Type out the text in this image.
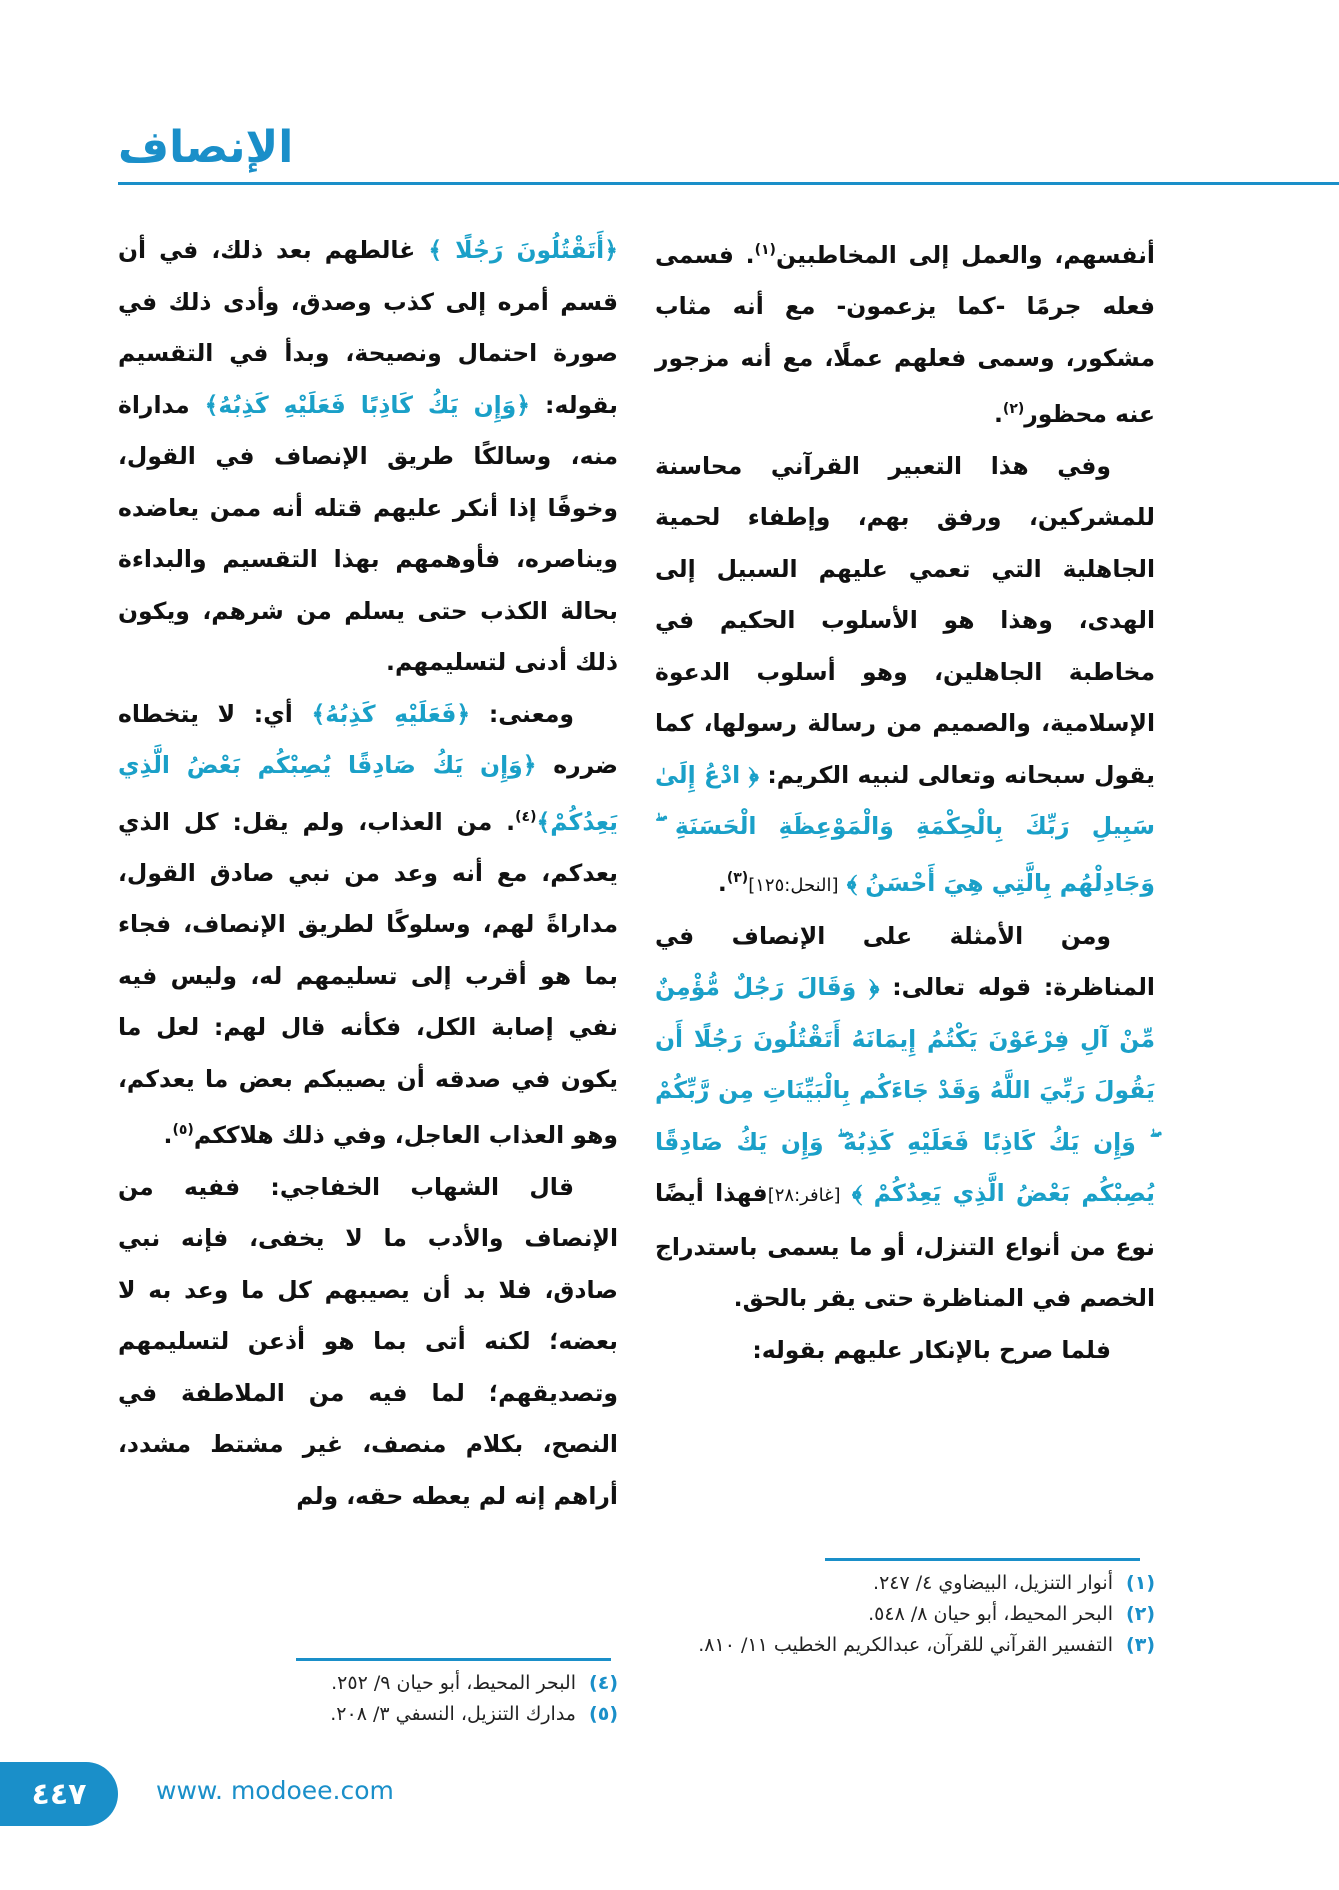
الإنصاف

أنفسهم، والعمل إلى المخاطبين$^{(١)}$. فسمى فعله جرمًا -كما يزعمون- مع أنه مثاب مشكور، وسمى فعلهم عملًا، مع أنه مزجور عنه محظور$^{(٢)}$.

وفي هذا التعبير القرآني محاسنة للمشركين، ورفق بهم، وإطفاء لحمية الجاهلية التي تعمي عليهم السبيل إلى الهدى، وهذا هو الأسلوب الحكيم في مخاطبة الجاهلين، وهو أسلوب الدعوة الإسلامية، والصميم من رسالة رسولها، كما يقول سبحانه وتعالى لنبيه الكريم: ﴿ ادْعُ إِلَىٰ سَبِيلِ رَبِّكَ بِالْحِكْمَةِ وَالْمَوْعِظَةِ الْحَسَنَةِ ۖ وَجَادِلْهُم بِالَّتِي هِيَ أَحْسَنُ ﴾ [النحل:١٢٥]$^{(٣)}$.

ومن الأمثلة على الإنصاف في المناظرة: قوله تعالى: ﴿ وَقَالَ رَجُلٌ مُّؤْمِنٌ مِّنْ آلِ فِرْعَوْنَ يَكْتُمُ إِيمَانَهُ أَتَقْتُلُونَ رَجُلًا أَن يَقُولَ رَبِّيَ اللَّهُ وَقَدْ جَاءَكُم بِالْبَيِّنَاتِ مِن رَّبِّكُمْ ۖ وَإِن يَكُ كَاذِبًا فَعَلَيْهِ كَذِبُهُ ۖ وَإِن يَكُ صَادِقًا يُصِبْكُم بَعْضُ الَّذِي يَعِدُكُمْ ﴾ [غافر:٢٨]فهذا أيضًا نوع من أنواع التنزل، أو ما يسمى باستدراج الخصم في المناظرة حتى يقر بالحق.

فلما صرح بالإنكار عليهم بقوله:

﴿أَتَقْتُلُونَ رَجُلًا ﴾ غالطهم بعد ذلك، في أن قسم أمره إلى كذب وصدق، وأدى ذلك في صورة احتمال ونصيحة، وبدأ في التقسيم بقوله: ﴿وَإِن يَكُ كَاذِبًا فَعَلَيْهِ كَذِبُهُ﴾ مداراة منه، وسالكًا طريق الإنصاف في القول، وخوفًا إذا أنكر عليهم قتله أنه ممن يعاضده ويناصره، فأوهمهم بهذا التقسيم والبداءة بحالة الكذب حتى يسلم من شرهم، ويكون ذلك أدنى لتسليمهم.

ومعنى: ﴿فَعَلَيْهِ كَذِبُهُ﴾ أي: لا يتخطاه ضرره ﴿وَإِن يَكُ صَادِقًا يُصِبْكُم بَعْضُ الَّذِي يَعِدُكُمْ﴾$^{(٤)}$. من العذاب، ولم يقل: كل الذي يعدكم، مع أنه وعد من نبي صادق القول، مداراةً لهم، وسلوكًا لطريق الإنصاف، فجاء بما هو أقرب إلى تسليمهم له، وليس فيه نفي إصابة الكل، فكأنه قال لهم: لعل ما يكون في صدقه أن يصيبكم بعض ما يعدكم، وهو العذاب العاجل، وفي ذلك هلاككم$^{(٥)}$.

قال الشهاب الخفاجي: ففيه من الإنصاف والأدب ما لا يخفى، فإنه نبي صادق، فلا بد أن يصيبهم كل ما وعد به لا بعضه؛ لكنه أتى بما هو أذعن لتسليمهم وتصديقهم؛ لما فيه من الملاطفة في النصح، بكلام منصف، غير مشتط مشدد، أراهم إنه لم يعطه حقه، ولم

(١)أنوار التنزيل، البيضاوي ٤/ ٢٤٧.

(٢)البحر المحيط، أبو حيان ٨/ ٥٤٨.

(٣)التفسير القرآني للقرآن، عبدالكريم الخطيب ١١/ ٨١٠.

(٤)البحر المحيط، أبو حيان ٩/ ٢٥٢.

(٥)مدارك التنزيل، النسفي ٣/ ٢٠٨.

٤٤٧	www. modoee.com
